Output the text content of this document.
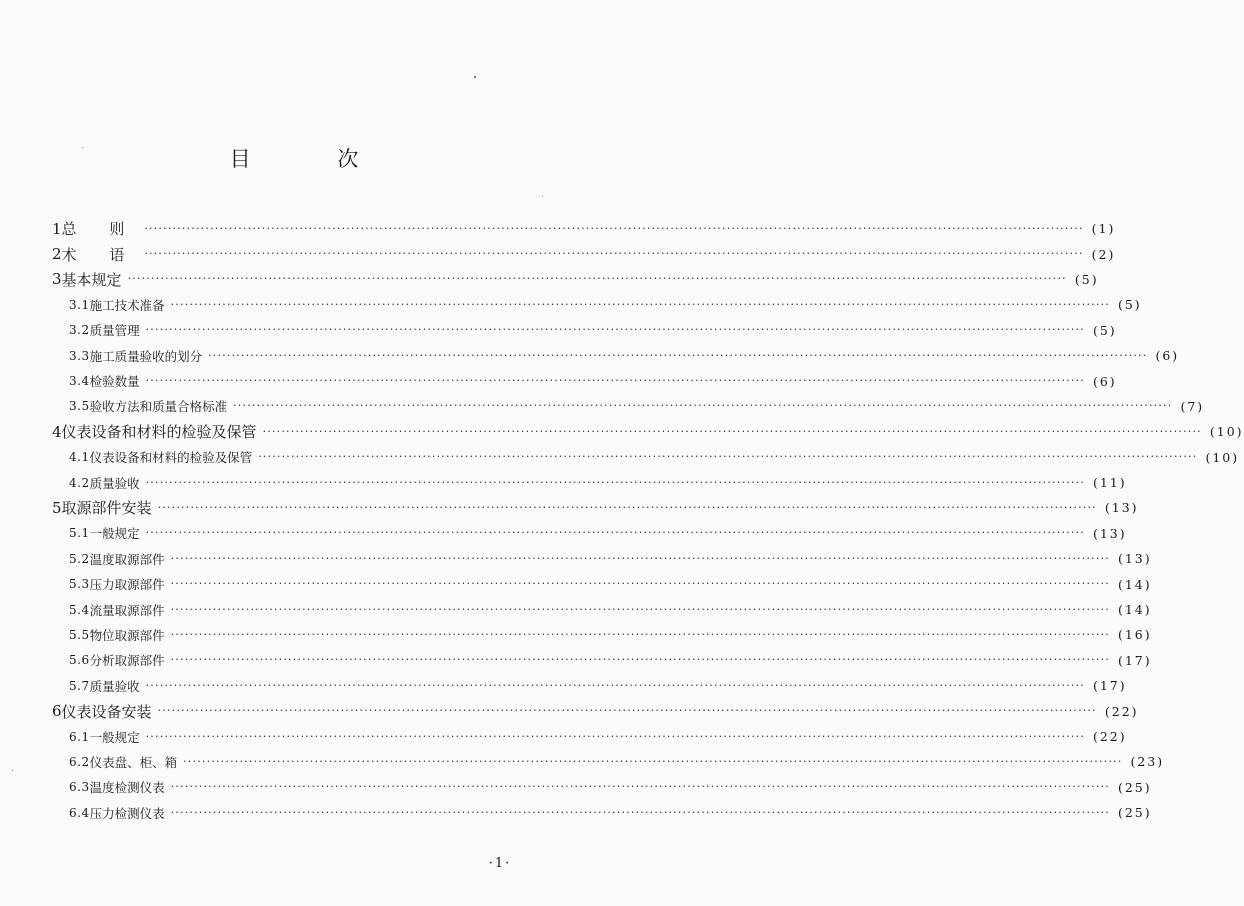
目 次
1 总 则 ········································································································································································································ (1)
2 术 语 ········································································································································································································ (2)
3 基本规定 ········································································································································································································ (5)
3.1 施工技术准备 ········································································································································································································ (5)
3.2 质量管理 ········································································································································································································ (5)
3.3 施工质量验收的划分 ········································································································································································································ (6)
3.4 检验数量 ········································································································································································································ (6)
3.5 验收方法和质量合格标准 ········································································································································································································ (7)
4 仪表设备和材料的检验及保管 ········································································································································································································ (10)
4.1 仪表设备和材料的检验及保管 ········································································································································································································ (10)
4.2 质量验收 ········································································································································································································ (11)
5 取源部件安装 ········································································································································································································ (13)
5.1 一般规定 ········································································································································································································ (13)
5.2 温度取源部件 ········································································································································································································ (13)
5.3 压力取源部件 ········································································································································································································ (14)
5.4 流量取源部件 ········································································································································································································ (14)
5.5 物位取源部件 ········································································································································································································ (16)
5.6 分析取源部件 ········································································································································································································ (17)
5.7 质量验收 ········································································································································································································ (17)
6 仪表设备安装 ········································································································································································································ (22)
6.1 一般规定 ········································································································································································································ (22)
6.2 仪表盘、柜、箱 ········································································································································································································ (23)
6.3 温度检测仪表 ········································································································································································································ (25)
6.4 压力检测仪表 ········································································································································································································ (25)
·1·
